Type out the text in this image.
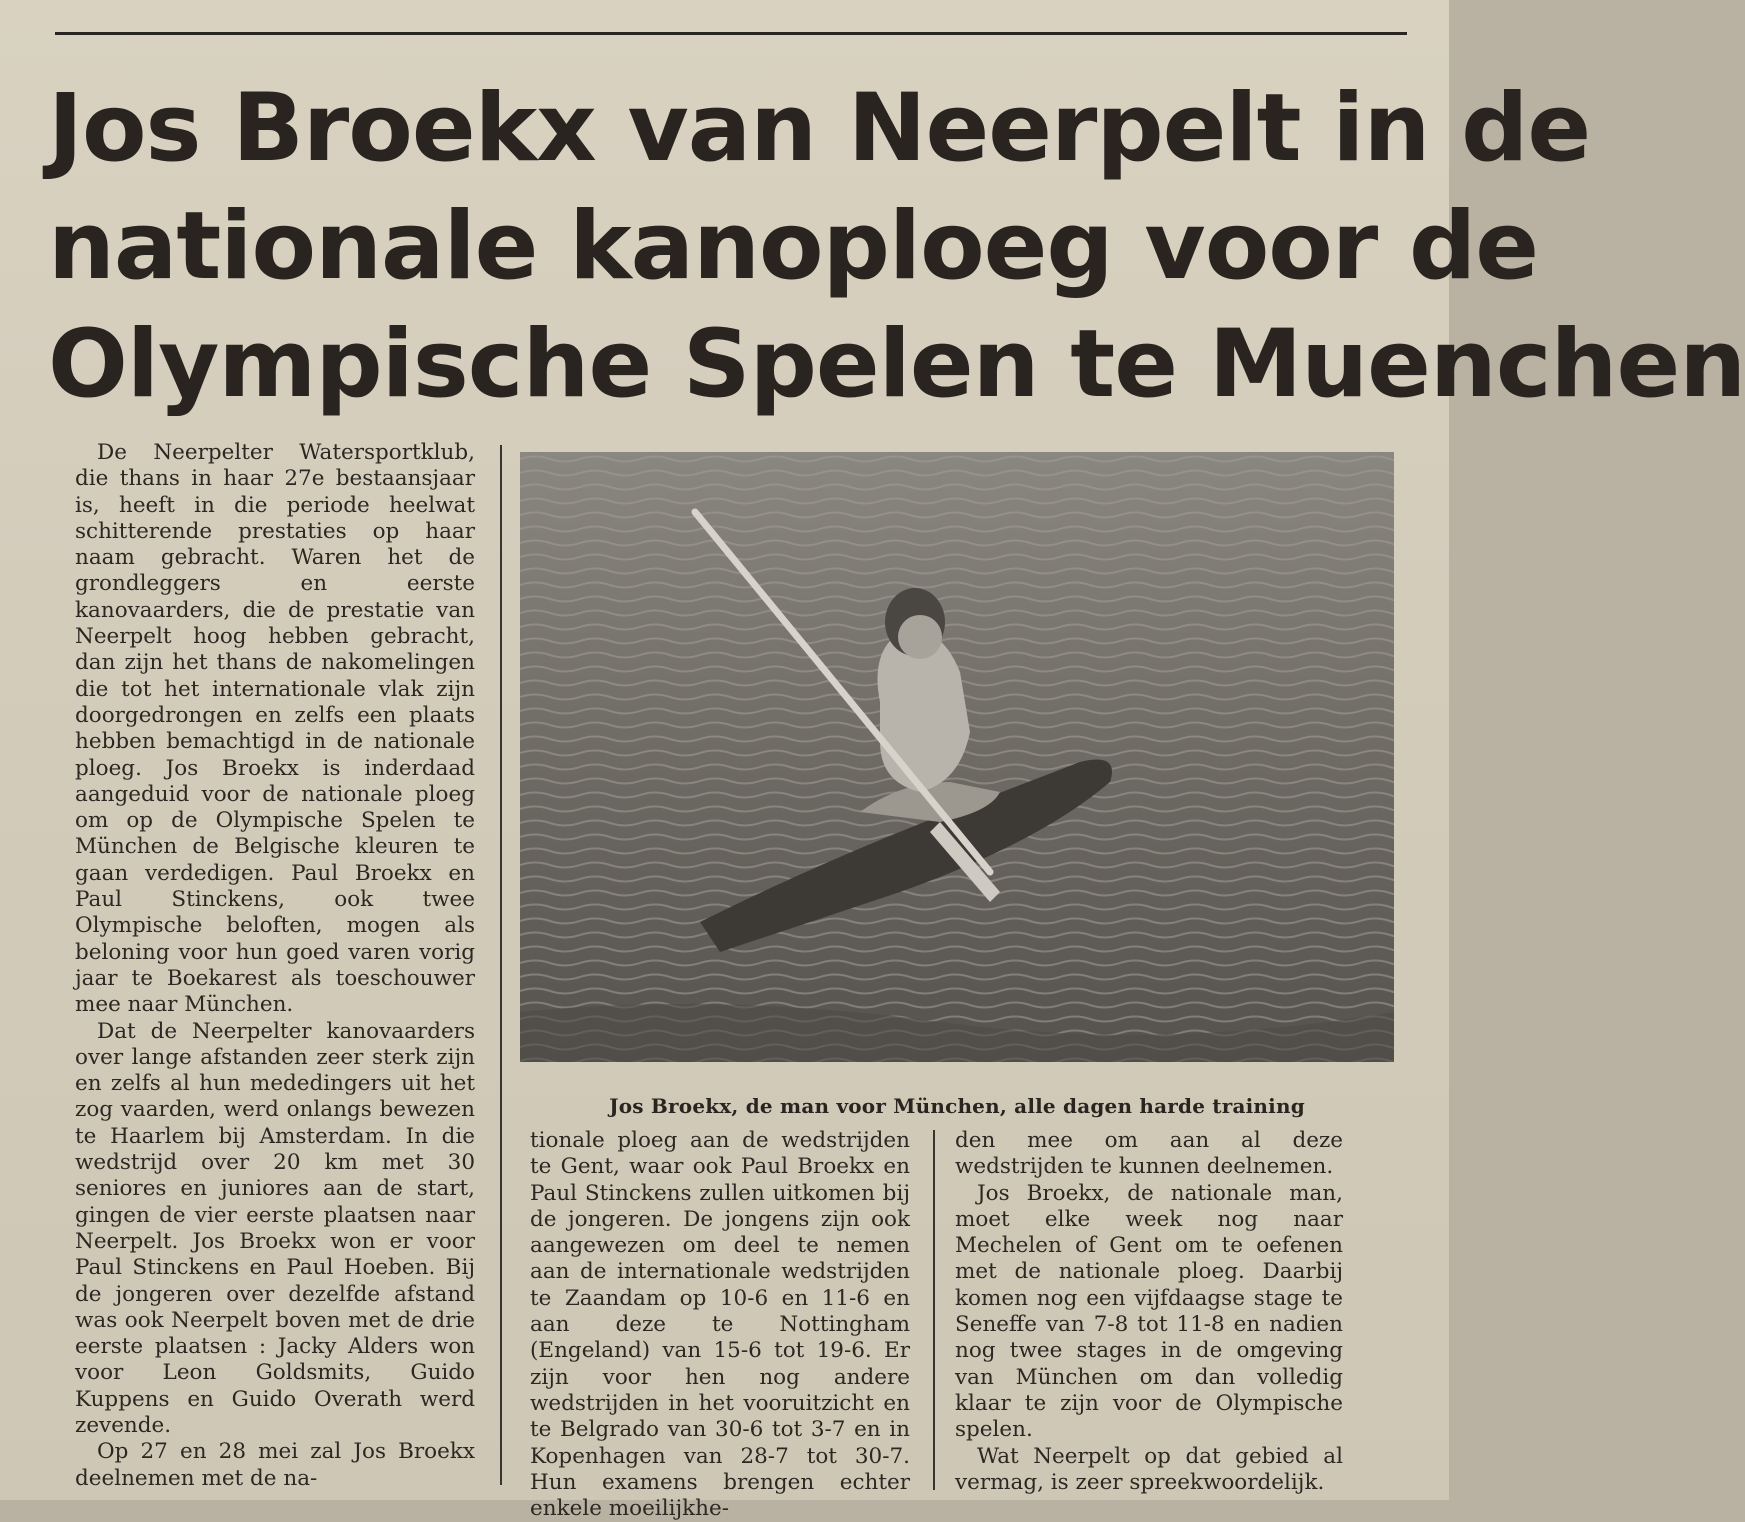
Jos Broekx van Neerpelt in de
nationale kanoploeg voor de
Olympische Spelen te Muenchen

De Neerpelter Watersportklub, die thans in haar 27e bestaansjaar is, heeft in die periode heelwat schitterende prestaties op haar naam gebracht. Waren het de grondleggers en eerste kanovaarders, die de prestatie van Neerpelt hoog hebben gebracht, dan zijn het thans de nakomelingen die tot het internationale vlak zijn doorgedrongen en zelfs een plaats hebben bemachtigd in de nationale ploeg. Jos Broekx is inderdaad aangeduid voor de nationale ploeg om op de Olympische Spelen te München de Belgische kleuren te gaan verdedigen. Paul Broekx en Paul Stinckens, ook twee Olympische beloften, mogen als beloning voor hun goed varen vorig jaar te Boekarest als toeschouwer mee naar München.

Dat de Neerpelter kanovaarders over lange afstanden zeer sterk zijn en zelfs al hun mededingers uit het zog vaarden, werd onlangs bewezen te Haarlem bij Amsterdam. In die wedstrijd over 20 km met 30 seniores en juniores aan de start, gingen de vier eerste plaatsen naar Neerpelt. Jos Broekx won er voor Paul Stinckens en Paul Hoeben. Bij de jongeren over dezelfde afstand was ook Neerpelt boven met de drie eerste plaatsen : Jacky Alders won voor Leon Goldsmits, Guido Kuppens en Guido Overath werd zevende.

Op 27 en 28 mei zal Jos Broekx deelnemen met de na-

Jos Broekx, de man voor München, alle dagen harde training

tionale ploeg aan de wedstrijden te Gent, waar ook Paul Broekx en Paul Stinckens zullen uitkomen bij de jongeren. De jongens zijn ook aangewezen om deel te nemen aan de internationale wedstrijden te Zaandam op 10-6 en 11-6 en aan deze te Nottingham (Engeland) van 15-6 tot 19-6. Er zijn voor hen nog andere wedstrijden in het vooruitzicht en te Belgrado van 30-6 tot 3-7 en in Kopenhagen van 28-7 tot 30-7. Hun examens brengen echter enkele moeilijkhe-

den mee om aan al deze wedstrijden te kunnen deelnemen.

Jos Broekx, de nationale man, moet elke week nog naar Mechelen of Gent om te oefenen met de nationale ploeg. Daarbij komen nog een vijfdaagse stage te Seneffe van 7-8 tot 11-8 en nadien nog twee stages in de omgeving van München om dan volledig klaar te zijn voor de Olympische spelen.

Wat Neerpelt op dat gebied al vermag, is zeer spreekwoordelijk.
